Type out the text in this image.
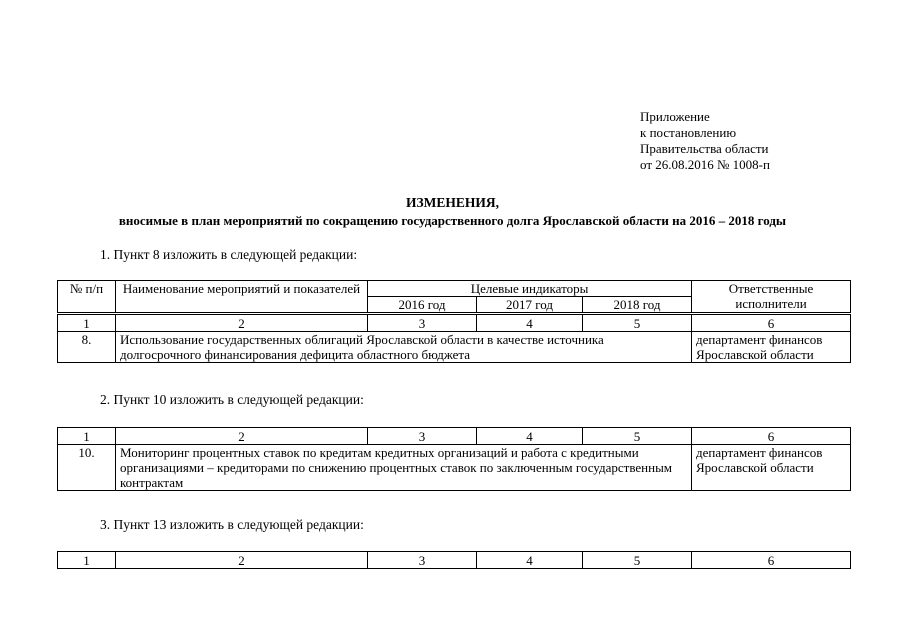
Приложение
к постановлению
Правительства области
от 26.08.2016 № 1008-п
ИЗМЕНЕНИЯ,
вносимые в план мероприятий по сокращению государственного долга Ярославской области на 2016 – 2018 годы
1. Пункт 8 изложить в следующей редакции:
№ п/п	Наименование мероприятий и показателей	Целевые индикаторы			Ответственные исполнители
		2016 год	2017 год	2018 год	
1	2	3	4	5	6
8.	Использование государственных облигаций Ярославской области в качестве источника долгосрочного финансирования дефицита областного бюджета				департамент финансов Ярославской области
2. Пункт 10 изложить в следующей редакции:
1	2	3	4	5	6
10.	Мониторинг процентных ставок по кредитам кредитных организаций и работа с кредитными организациями – кредиторами по снижению процентных ставок по заключенным государственным контрактам				департамент финансов Ярославской области
3. Пункт 13 изложить в следующей редакции:
1	2	3	4	5	6
